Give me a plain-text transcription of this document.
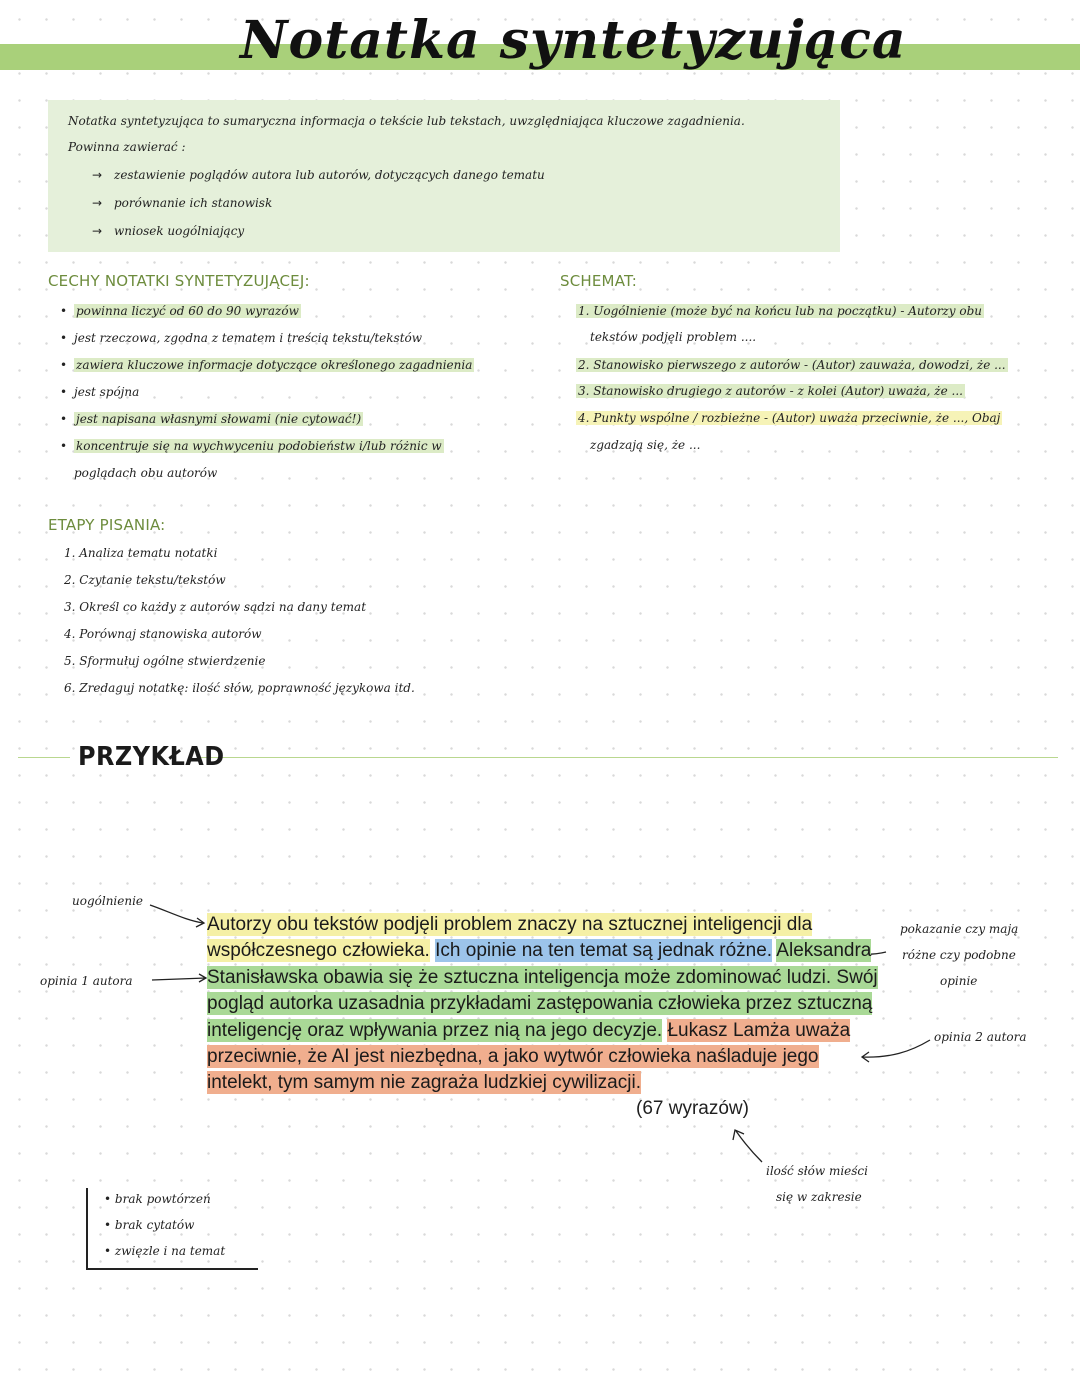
Notatka syntetyzująca
Notatka syntetyzująca to sumaryczna informacja o tekście lub tekstach, uwzględniająca kluczowe zagadnienia.
Powinna zawierać :
→ zestawienie poglądów autora lub autorów, dotyczących danego tematu
→ porównanie ich stanowisk
→ wniosek uogólniający
CECHY NOTATKI SYNTETYZUJĄCEJ:
• powinna liczyć od 60 do 90 wyrazów
• jest rzeczowa, zgodna z tematem i treścią tekstu/tekstów
• zawiera kluczowe informacje dotyczące określonego zagadnienia
• jest spójna
• jest napisana własnymi słowami (nie cytować!)
• koncentruje się na wychwyceniu podobieństw i/lub różnic w
poglądach obu autorów
SCHEMAT:
1. Uogólnienie (może być na końcu lub na początku) - Autorzy obu
tekstów podjęli problem ....
2. Stanowisko pierwszego z autorów - (Autor) zauważa, dowodzi, że ...
3. Stanowisko drugiego z autorów - z kolei (Autor) uważa, że ...
4. Punkty wspólne / rozbieżne - (Autor) uważa przeciwnie, że ..., Obaj
zgadzają się, że ...
ETAPY PISANIA:
1. Analiza tematu notatki
2. Czytanie tekstu/tekstów
3. Określ co każdy z autorów sądzi na dany temat
4. Porównaj stanowiska autorów
5. Sformułuj ogólne stwierdzenie
6. Zredaguj notatkę: ilość słów, poprawność językowa itd.
PRZYKŁAD
uogólnienie
opinia 1 autora
pokazanie czy mają
różne czy podobne
opinie
opinia 2 autora
ilość słów mieści
się w zakresie
Autorzy obu tekstów podjęli problem znaczy na sztucznej inteligencji dla współczesnego człowieka. Ich opinie na ten temat są jednak różne. Aleksandra Stanisławska obawia się że sztuczna inteligencja może zdominować ludzi. Swój pogląd autorka uzasadnia przykładami zastępowania człowieka przez sztuczną inteligencję oraz wpływania przez nią na jego decyzje. Łukasz Lamża uważa przeciwnie, że AI jest niezbędna, a jako wytwór człowieka naśladuje jego intelekt, tym samym nie zagraża ludzkiej cywilizacji.
(67 wyrazów)
• brak powtórzeń
• brak cytatów
• zwięzle i na temat
